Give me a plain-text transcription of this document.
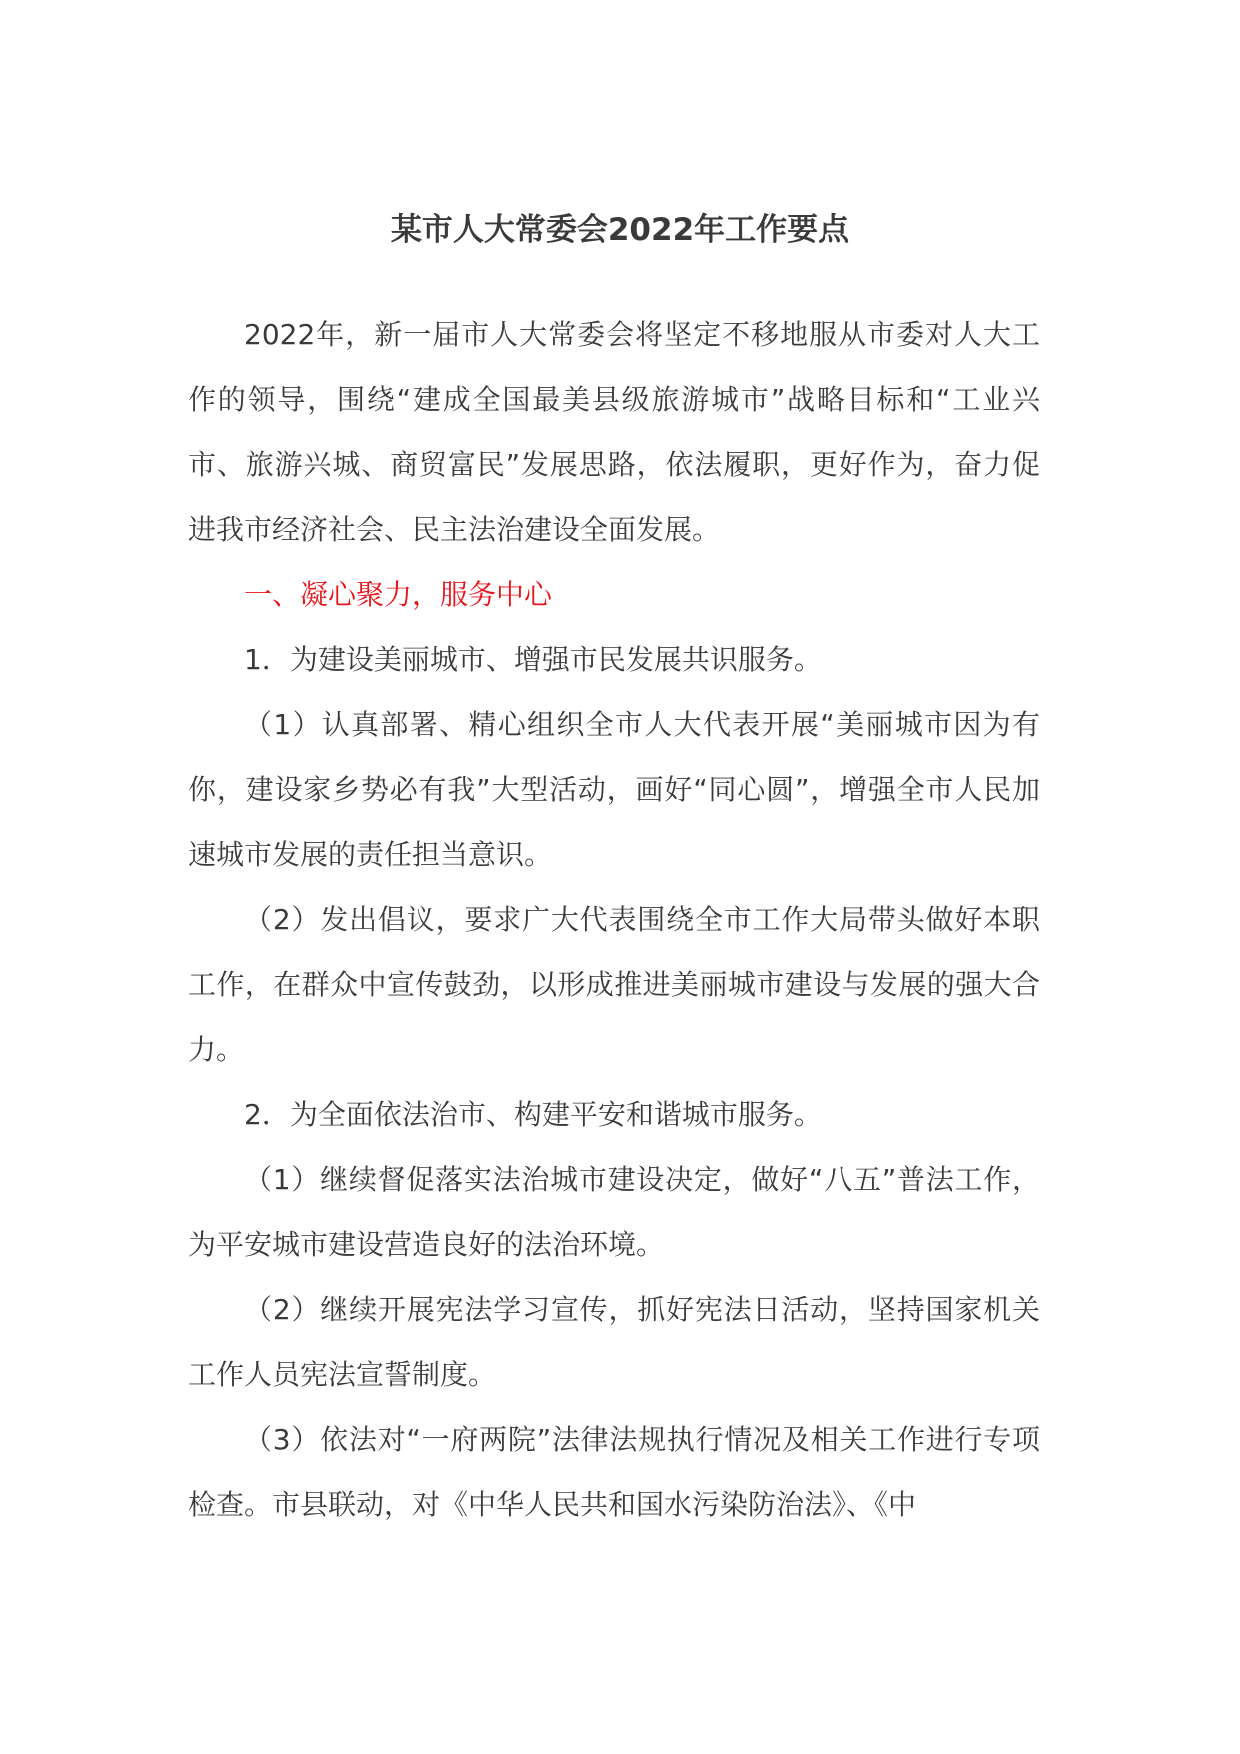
某市人大常委会2022年工作要点

2022年，新一届市人大常委会将坚定不移地服从市委对人大工作的领导，围绕“建成全国最美县级旅游城市”战略目标和“工业兴市、旅游兴城、商贸富民”发展思路，依法履职，更好作为，奋力促进我市经济社会、民主法治建设全面发展。

一、凝心聚力，服务中心

1．为建设美丽城市、增强市民发展共识服务。

（1）认真部署、精心组织全市人大代表开展“美丽城市因为有你，建设家乡势必有我”大型活动，画好“同心圆”，增强全市人民加速城市发展的责任担当意识。

（2）发出倡议，要求广大代表围绕全市工作大局带头做好本职工作，在群众中宣传鼓劲，以形成推进美丽城市建设与发展的强大合力。

2．为全面依法治市、构建平安和谐城市服务。

（1）继续督促落实法治城市建设决定，做好“八五”普法工作，为平安城市建设营造良好的法治环境。

（2）继续开展宪法学习宣传，抓好宪法日活动，坚持国家机关工作人员宪法宣誓制度。

（3）依法对“一府两院”法律法规执行情况及相关工作进行专项检查。市县联动，对《中华人民共和国水污染防治法》、《中
